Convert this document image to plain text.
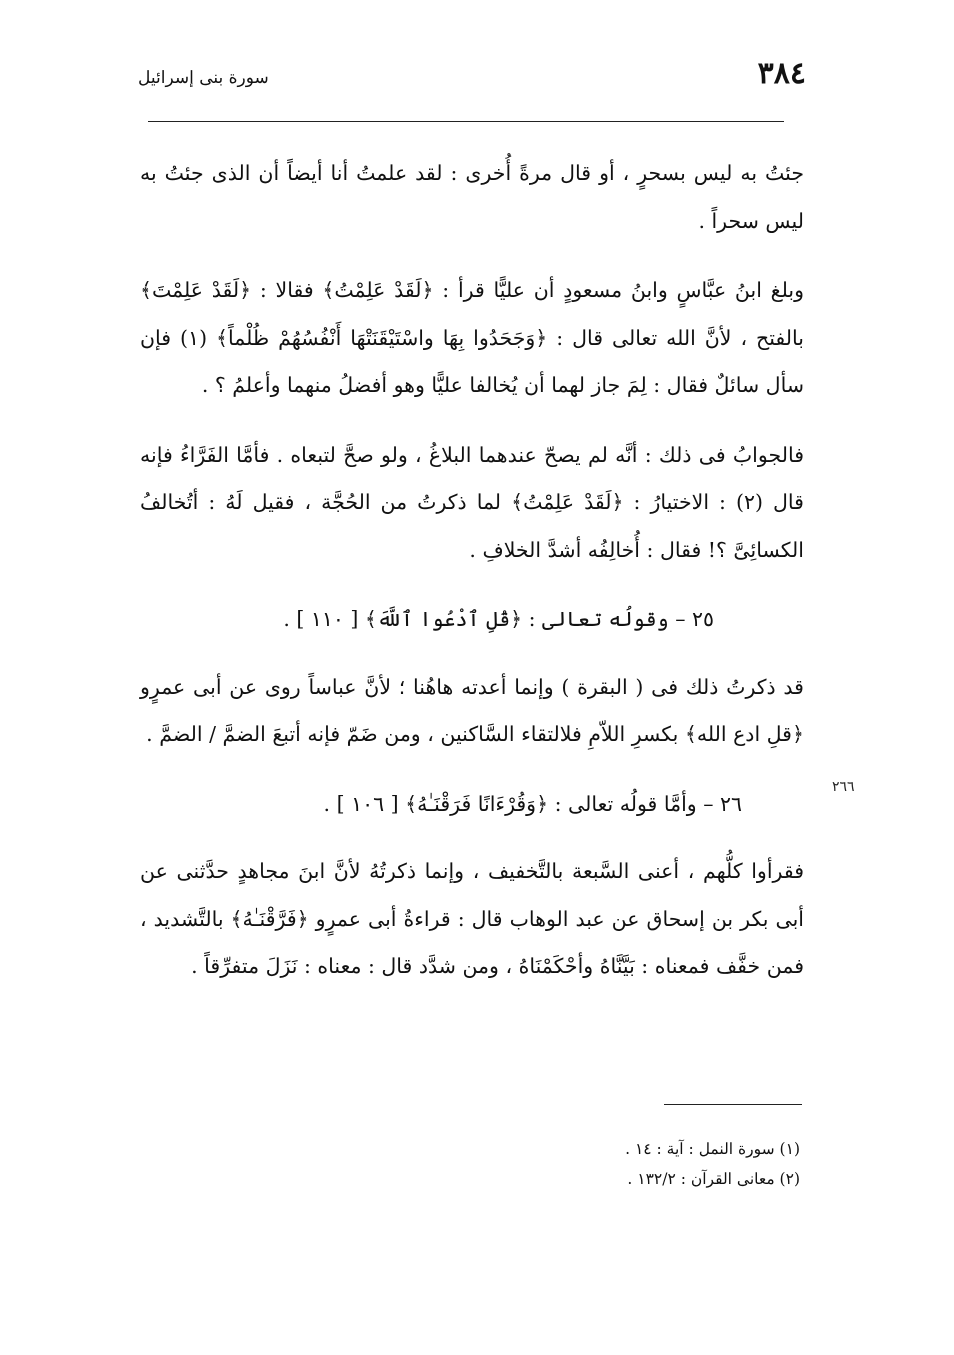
٣٨٤
سورة بنى إسرائيل

جئتُ به ليس بسحرٍ ، أو قال مرةً أُخرى : لقد علمتُ أنا أيضاً أن الذى جئتُ به ليس سحراً .

وبلغ ابنُ عبَّاسٍ وابنُ مسعودٍ أن عليًّا قرأ : ﴿لَقَدْ عَلِمْتُ﴾ فقالا : ﴿لَقَدْ عَلِمْتَ﴾ بالفتح ، لأنَّ الله تعالى قال : ﴿وَجَحَدُوا بِهَا واسْتَيْقَنَتْهَا أَنْفُسُهُمْ ظُلْماً﴾ (١) فإن سأل سائلٌ فقال : لِمَ جاز لهما أن يُخالفا عليًّا وهو أفضلُ منهما وأعلمُ ؟ .

فالجوابُ فى ذلك : أنَّه لم يصحّ عندهما البلاغُ ، ولو صحَّ لتبعاه . فأمَّا الفَرَّاءُ فإنه قال (٢) : الاختيارُ : ﴿لَقَدْ عَلِمْتُ﴾ لما ذكرتُ من الحُجَّة ، فقيل لَهُ : أتُخالفُ الكسائِىَّ ؟! فقال : أُخالِفُه أشدَّ الخلافِ .

٢٥ – وقولُه تعالى : ﴿قُلِ ٱدْعُوا ٱللَّهَ﴾ [ ١١٠ ] .

قد ذكرتُ ذلك فى ( البقرة ) وإنما أعدته هاهُنا ؛ لأنَّ عباساً روى عن أبى عمرٍو ﴿قلِ ادع الله﴾ بكسرِ اللاّمِ فلالتقاء السَّاكنين ، ومن ضَمّ فإنه أتبعَ الضمَّ / الضمَّ .

٢٦ – وأمَّا قولُه تعالى : ﴿وَقُرْءَانًا فَرَقْنَـٰهُ﴾ [ ١٠٦ ] .

فقرأوا كلُّهم ، أعنى السَّبعة بالتَّخفيف ، وإنما ذكرتُهُ لأنَّ ابنَ مجاهدٍ حدَّثنى عن أبى بكر بن إسحاق عن عبد الوهاب قال : قراءةُ أبى عمرٍو ﴿فَرَّقْنَـٰهُ﴾ بالتَّشديد ، فمن خفَّف فمعناه : بَيَّنَّاهُ وأحْكَمْنَاهُ ، ومن شدَّد قال : معناه : نَزَلَ متفرِّقاً .

٢٦٦
(١) سورة النمل : آية : ١٤ .
(٢) معانى القرآن : ١٣٢/٢ .
